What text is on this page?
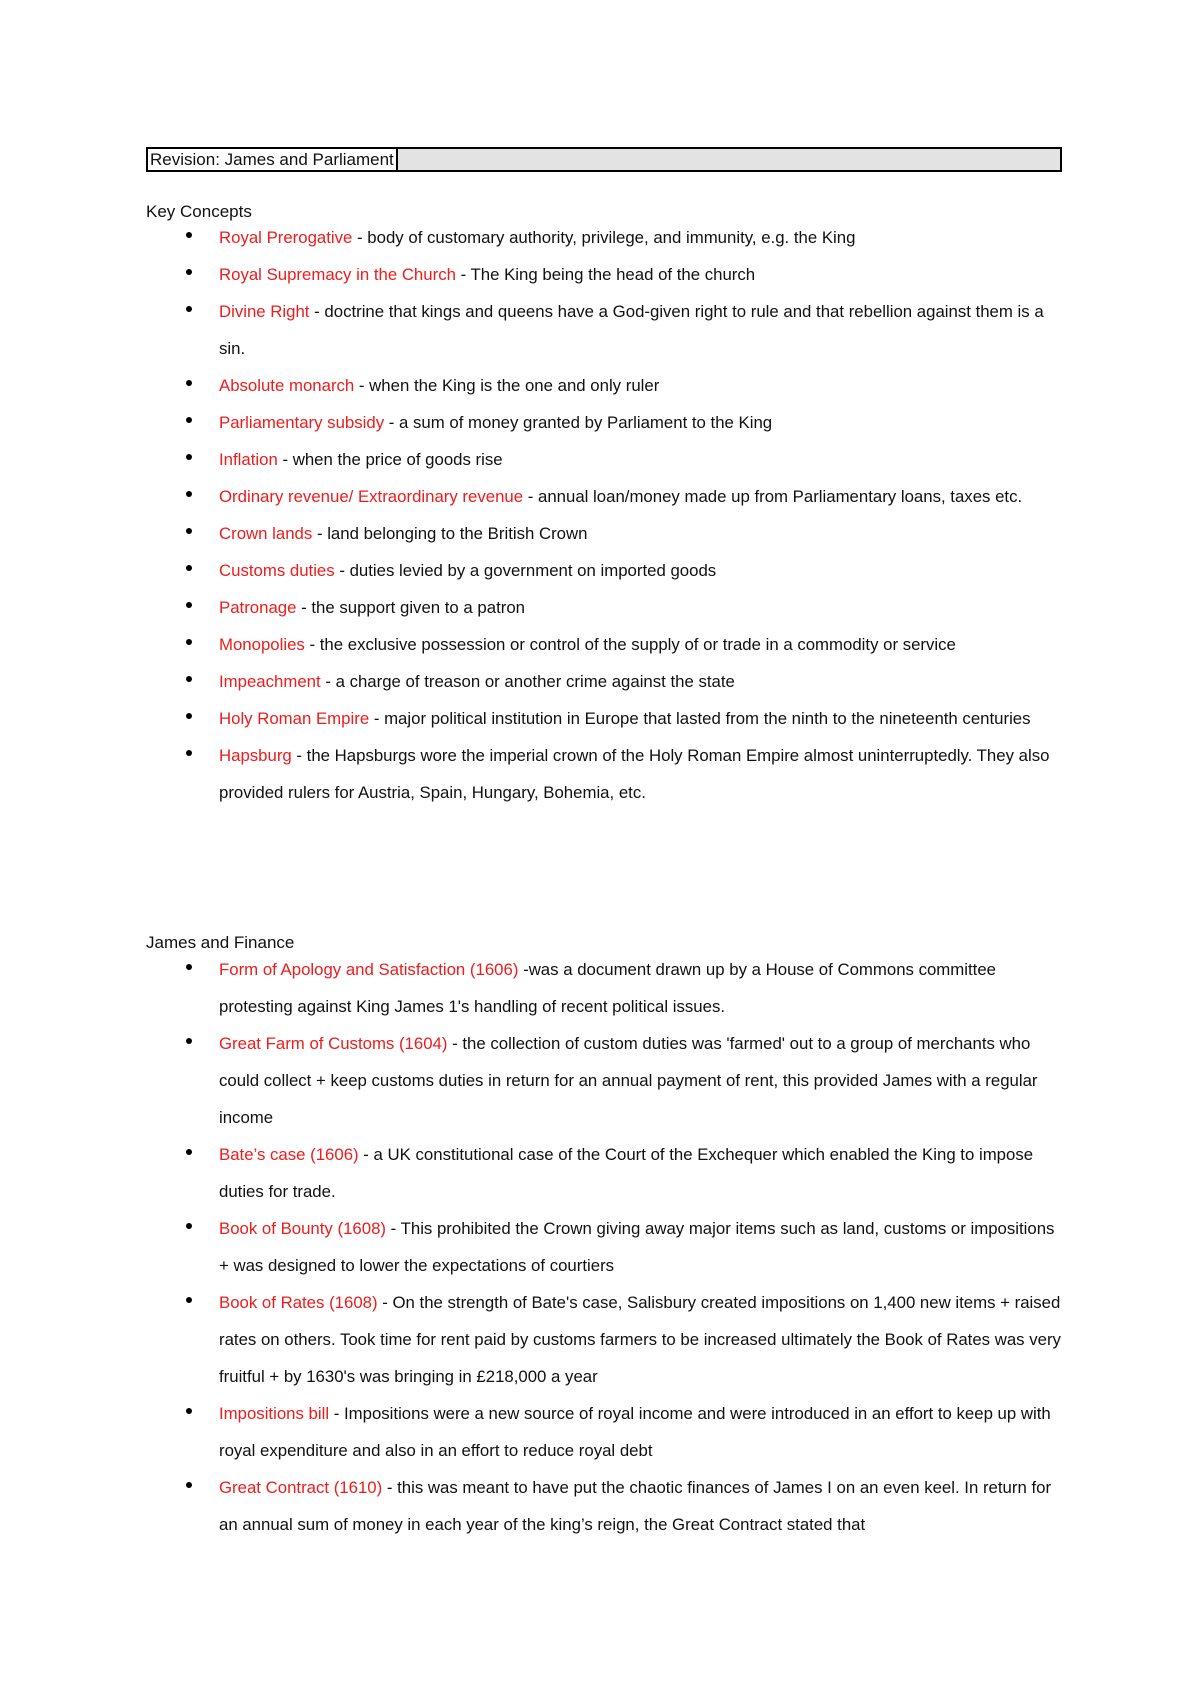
Revision: James and Parliament
Key Concepts
Royal Prerogative - body of customary authority, privilege, and immunity, e.g. the King
Royal Supremacy in the Church - The King being the head of the church
Divine Right - doctrine that kings and queens have a God-given right to rule and that rebellion against them is a sin.
Absolute monarch - when the King is the one and only ruler
Parliamentary subsidy - a sum of money granted by Parliament to the King
Inflation - when the price of goods rise
Ordinary revenue/ Extraordinary revenue - annual loan/money made up from Parliamentary loans, taxes etc.
Crown lands - land belonging to the British Crown
Customs duties - duties levied by a government on imported goods
Patronage - the support given to a patron
Monopolies - the exclusive possession or control of the supply of or trade in a commodity or service
Impeachment - a charge of treason or another crime against the state
Holy Roman Empire - major political institution in Europe that lasted from the ninth to the nineteenth centuries
Hapsburg - the Hapsburgs wore the imperial crown of the Holy Roman Empire almost uninterruptedly. They also provided rulers for Austria, Spain, Hungary, Bohemia, etc.
James and Finance
Form of Apology and Satisfaction (1606) -was a document drawn up by a House of Commons committee protesting against King James 1's handling of recent political issues.
Great Farm of Customs (1604) - the collection of custom duties was 'farmed' out to a group of merchants who could collect + keep customs duties in return for an annual payment of rent, this provided James with a regular income
Bate’s case (1606) - a UK constitutional case of the Court of the Exchequer which enabled the King to impose duties for trade.
Book of Bounty (1608) - This prohibited the Crown giving away major items such as land, customs or impositions + was designed to lower the expectations of courtiers
Book of Rates (1608) - On the strength of Bate's case, Salisbury created impositions on 1,400 new items + raised rates on others. Took time for rent paid by customs farmers to be increased ultimately the Book of Rates was very fruitful + by 1630's was bringing in £218,000 a year
Impositions bill - Impositions were a new source of royal income and were introduced in an effort to keep up with royal expenditure and also in an effort to reduce royal debt
Great Contract (1610) - this was meant to have put the chaotic finances of James I on an even keel. In return for an annual sum of money in each year of the king’s reign, the Great Contract stated that
